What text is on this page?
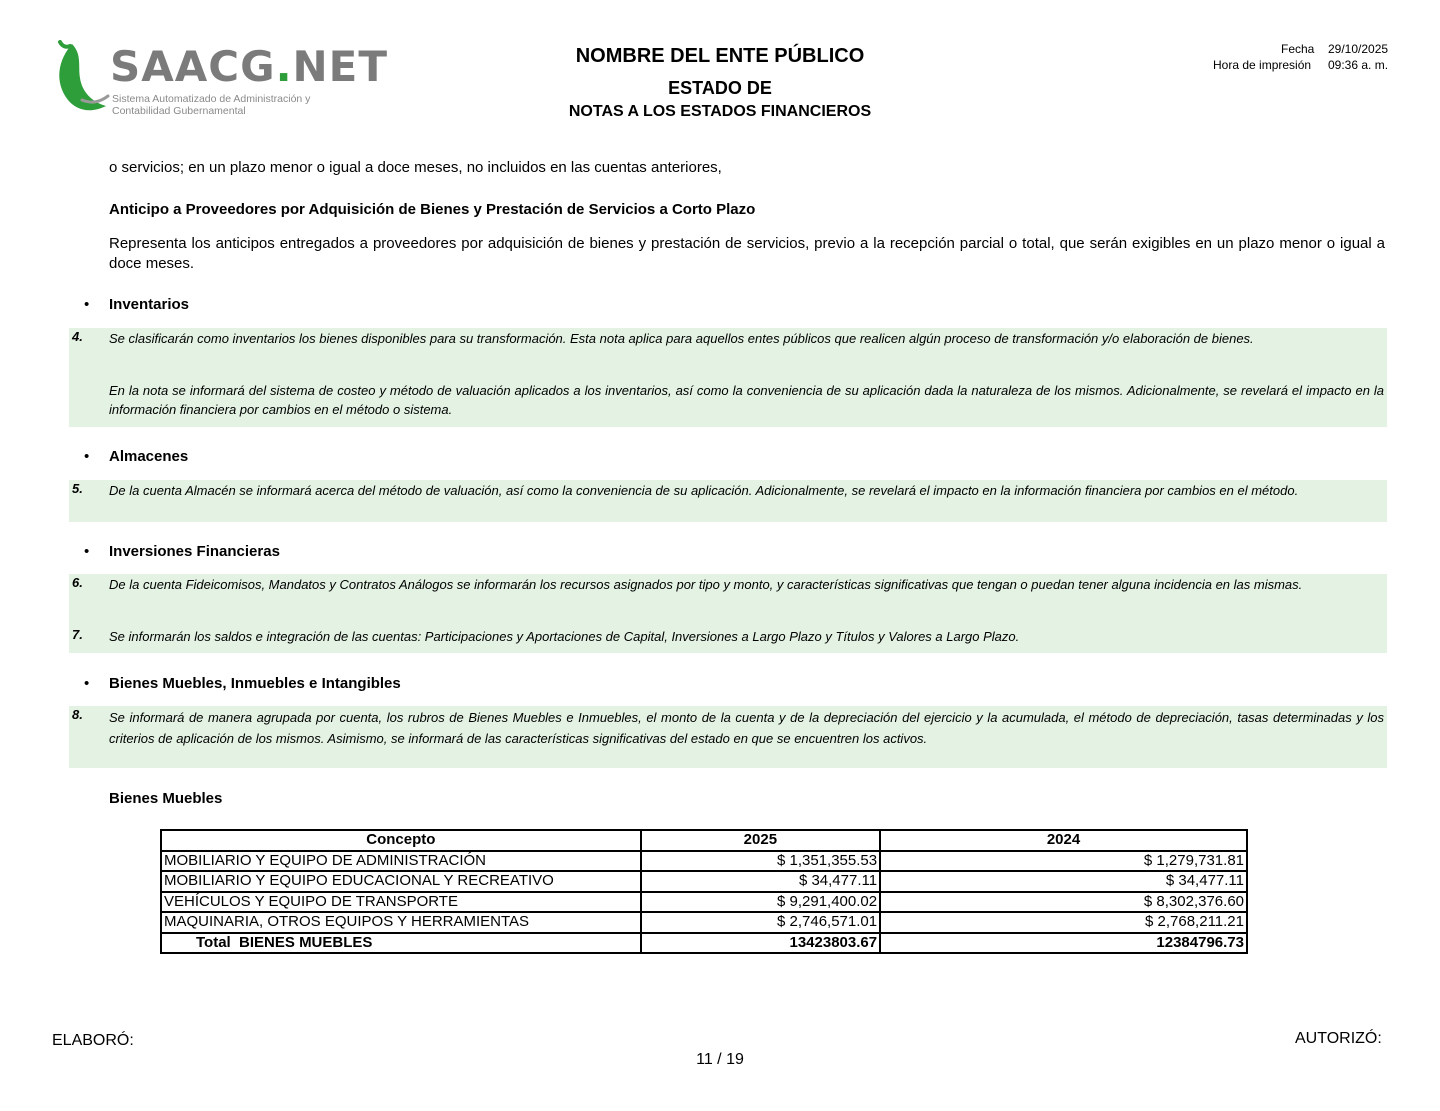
SAACG.NET
Sistema Automatizado de Administración y
Contabilidad Gubernamental
NOMBRE DEL ENTE PÚBLICO
ESTADO DE
NOTAS A LOS ESTADOS FINANCIEROS
Fecha 29/10/2025
Hora de impresión 09:36 a. m.
o servicios; en un plazo menor o igual a doce meses, no incluidos en las cuentas anteriores,
Anticipo a Proveedores por Adquisición de Bienes y Prestación de Servicios a Corto Plazo
Representa los anticipos entregados a proveedores por adquisición de bienes y prestación de servicios, previo a la recepción parcial o total, que serán exigibles en un plazo menor o igual a doce meses.
• Inventarios
4. Se clasificarán como inventarios los bienes disponibles para su transformación. Esta nota aplica para aquellos entes públicos que realicen algún proceso de transformación y/o elaboración de bienes.
En la nota se informará del sistema de costeo y método de valuación aplicados a los inventarios, así como la conveniencia de su aplicación dada la naturaleza de los mismos. Adicionalmente, se revelará el impacto en la información financiera por cambios en el método o sistema.
• Almacenes
5. De la cuenta Almacén se informará acerca del método de valuación, así como la conveniencia de su aplicación. Adicionalmente, se revelará el impacto en la información financiera por cambios en el método.
• Inversiones Financieras
6. De la cuenta Fideicomisos, Mandatos y Contratos Análogos se informarán los recursos asignados por tipo y monto, y características significativas que tengan o puedan tener alguna incidencia en las mismas.
7. Se informarán los saldos e integración de las cuentas: Participaciones y Aportaciones de Capital, Inversiones a Largo Plazo y Títulos y Valores a Largo Plazo.
• Bienes Muebles, Inmuebles e Intangibles
8. Se informará de manera agrupada por cuenta, los rubros de Bienes Muebles e Inmuebles, el monto de la cuenta y de la depreciación del ejercicio y la acumulada, el método de depreciación, tasas determinadas y los criterios de aplicación de los mismos. Asimismo, se informará de las características significativas del estado en que se encuentren los activos.
Bienes Muebles
Concepto	2025	2024
MOBILIARIO Y EQUIPO DE ADMINISTRACIÓN	$ 1,351,355.53	$ 1,279,731.81
MOBILIARIO Y EQUIPO EDUCACIONAL Y RECREATIVO	$ 34,477.11	$ 34,477.11
VEHÍCULOS Y EQUIPO DE TRANSPORTE	$ 9,291,400.02	$ 8,302,376.60
MAQUINARIA, OTROS EQUIPOS Y HERRAMIENTAS	$ 2,746,571.01	$ 2,768,211.21
Total  BIENES MUEBLES	13423803.67	12384796.73
ELABORÓ:	AUTORIZÓ:
11 / 19
